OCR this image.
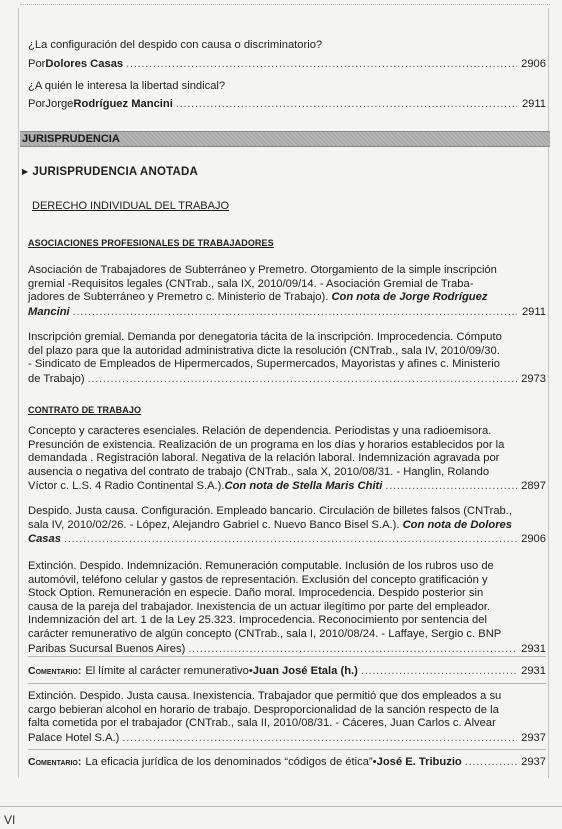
¿La configuración del despido con causa o discriminatorio?
Por Dolores Casas . . .	2906
¿A quién le interesa la libertad sindical?
PorJorge Rodríguez Mancini . . .	2911
JURISPRUDENCIA
▶ JURISPRUDENCIA ANOTADA
DERECHO INDIVIDUAL DEL TRABAJO
ASOCIACIONES PROFESIONALES DE TRABAJADORES
Asociación de Trabajadores de Subterráneo y Premetro. Otorgamiento de la simple inscripción
gremial -Requisitos legales (CNTrab., sala IX, 2010/09/14. - Asociación Gremial de Traba-
jadores de Subterráneo y Premetro c. Ministerio de Trabajo). Con nota de Jorge Rodríguez
Mancini . . .	2911
Inscripción gremial. Demanda por denegatoria tácita de la inscripción. Improcedencia. Cómputo
del plazo para que la autoridad administrativa dicte la resolución (CNTrab., sala IV, 2010/09/30.
- Sindicato de Empleados de Hipermercados, Supermercados, Mayoristas y afines c. Ministerio
de Trabajo) . . .	2973
CONTRATO DE TRABAJO
Concepto y caracteres esenciales. Relación de dependencia. Periodistas y una radioemisora.
Presunción de existencia. Realización de un programa en los días y horarios establecidos por la
demandada . Registración laboral. Negativa de la relación laboral. Indemnización agravada por
ausencia o negativa del contrato de trabajo (CNTrab., sala X, 2010/08/31. - Hanglin, Rolando
Víctor c. L.S. 4 Radio Continental S.A.). Con nota de Stella Maris Chiti . . .	2897
Despido. Justa causa. Configuración. Empleado bancario. Circulación de billetes falsos (CNTrab.,
sala IV, 2010/02/26. - López, Alejandro Gabriel c. Nuevo Banco Bisel S.A.). Con nota de Dolores
Casas . . .	2906
Extinción. Despido. Indemnización. Remuneración computable. Inclusión de los rubros uso de
automóvil, teléfono celular y gastos de representación. Exclusión del concepto gratificación y
Stock Option. Remuneración en especie. Daño moral. Improcedencia. Despido posterior sin
causa de la pareja del trabajador. Inexistencia de un actuar ilegítimo por parte del empleador.
Indemnización del art. 1 de la Ley 25.323. Improcedencia. Reconocimiento por sentencia del
carácter remunerativo de algún concepto (CNTrab., sala I, 2010/08/24. - Laffaye, Sergio c. BNP
Paribas Sucursal Buenos Aires) . . .	2931
Comentario: El límite al carácter remunerativo • Juan José Etala (h.) . . .	2931
Extinción. Despido. Justa causa. Inexistencia. Trabajador que permitió que dos empleados a su
cargo bebieran alcohol en horario de trabajo. Desproporcionalidad de la sanción respecto de la
falta cometida por el trabajador (CNTrab., sala II, 2010/08/31. - Cáceres, Juan Carlos c. Alvear
Palace Hotel S.A.) . . .	2937
Comentario: La eficacia jurídica de los denominados “códigos de ética” • José E. Tribuzio . . .	2937
VI
